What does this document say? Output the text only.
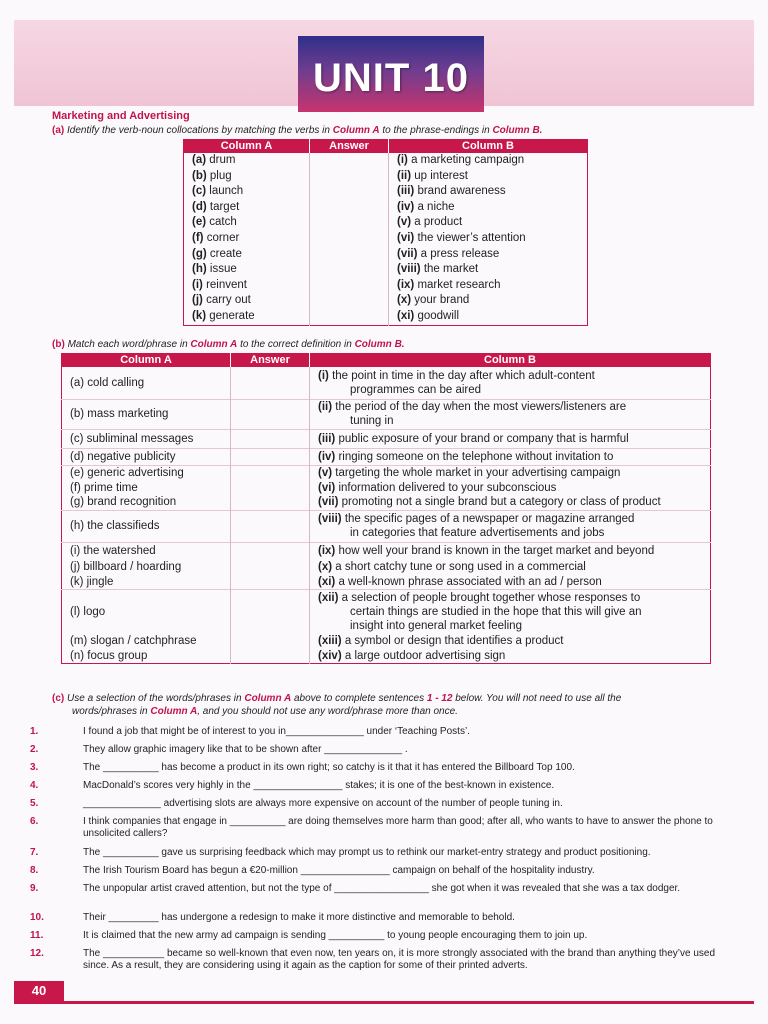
UNIT 10
Marketing and Advertising
(a) Identify the verb-noun collocations by matching the verbs in Column A to the phrase-endings in Column B.
Column A	Answer	Column B
(a) drum		(i) a marketing campaign
(b) plug		(ii) up interest
(c) launch		(iii) brand awareness
(d) target		(iv) a niche
(e) catch		(v) a product
(f) corner		(vi) the viewer’s attention
(g) create		(vii) a press release
(h) issue		(viii) the market
(i) reinvent		(ix) market research
(j) carry out		(x) your brand
(k) generate		(xi) goodwill
(b) Match each word/phrase in Column A to the correct definition in Column B.
Column A	Answer	Column B
(a) cold calling		(i) the point in time in the day after which adult-content
programmes can be aired

(b) mass marketing		(ii) the period of the day when the most viewers/listeners are
tuning in

(c) subliminal messages		(iii) public exposure of your brand or company that is harmful
(d) negative publicity		(iv) ringing someone on the telephone without invitation to
(e) generic advertising		(v) targeting the whole market in your advertising campaign
(f) prime time		(vi) information delivered to your subconscious
(g) brand recognition		(vii) promoting not a single brand but a category or class of product
(h) the classifieds		(viii) the specific pages of a newspaper or magazine arranged
in categories that feature advertisements and jobs

(i) the watershed		(ix) how well your brand is known in the target market and beyond
(j) billboard / hoarding		(x) a short catchy tune or song used in a commercial
(k) jingle		(xi) a well-known phrase associated with an ad / person
(l) logo		(xii) a selection of people brought together whose responses to
certain things are studied in the hope that this will give an
insight into general market feeling

(m) slogan / catchphrase		(xiii) a symbol or design that identifies a product
(n) focus group		(xiv) a large outdoor advertising sign
(c) Use a selection of the words/phrases in Column A above to complete sentences 1 - 12 below. You will not need to use all the
words/phrases in Column A, and you should not use any word/phrase more than once.
1.	I found a job that might be of interest to you in______________ under ‘Teaching Posts’.
2.	They allow graphic imagery like that to be shown after ______________ .
3.	The __________ has become a product in its own right; so catchy is it that it has entered the Billboard Top 100.
4.	MacDonald’s scores very highly in the ________________ stakes; it is one of the best-known in existence.
5.	______________ advertising slots are always more expensive on account of the number of people tuning in.
6.	I think companies that engage in __________ are doing themselves more harm than good; after all, who wants to have to answer the phone to unsolicited callers?
7.	The __________ gave us surprising feedback which may prompt us to rethink our market-entry strategy and product positioning.
8.	The Irish Tourism Board has begun a €20-million ________________ campaign on behalf of the hospitality industry.
9.	The unpopular artist craved attention, but not the type of _________________ she got when it was revealed that she was a tax dodger.
10.	Their _________ has undergone a redesign to make it more distinctive and memorable to behold.
11.	It is claimed that the new army ad campaign is sending __________ to young people encouraging them to join up.
12.	The ___________ became so well-known that even now, ten years on, it is more strongly associated with the brand than anything they’ve used since. As a result, they are considering using it again as the caption for some of their printed adverts.
40
